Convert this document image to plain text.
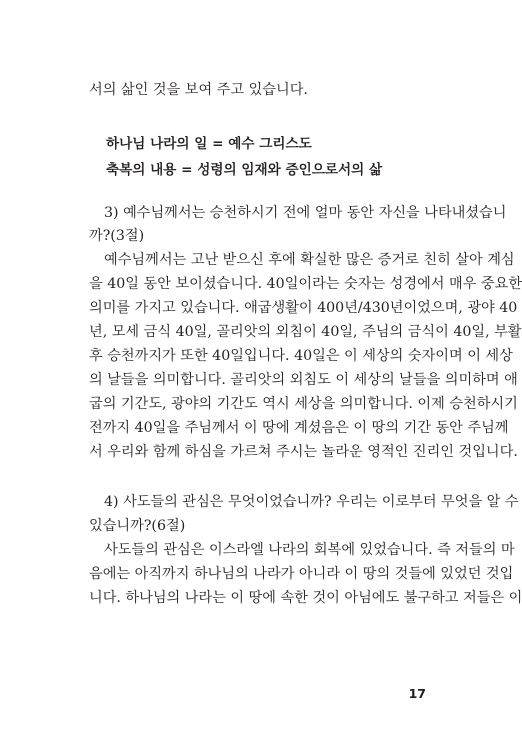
서의 삶인 것을 보여 주고 있습니다.
하나님 나라의 일 = 예수 그리스도
축복의 내용 = 성령의 임재와 증인으로서의 삶
3) 예수님께서는 승천하시기 전에 얼마 동안 자신을 나타내셨습니
까?(3절)
예수님께서는 고난 받으신 후에 확실한 많은 증거로 친히 살아 계심
을 40일 동안 보이셨습니다. 40일이라는 숫자는 성경에서 매우 중요한
의미를 가지고 있습니다. 애굽생활이 400년/430년이었으며, 광야 40
년, 모세 금식 40일, 골리앗의 외침이 40일, 주님의 금식이 40일, 부활
후 승천까지가 또한 40일입니다. 40일은 이 세상의 숫자이며 이 세상
의 날들을 의미합니다. 골리앗의 외침도 이 세상의 날들을 의미하며 애
굽의 기간도, 광야의 기간도 역시 세상을 의미합니다. 이제 승천하시기
전까지 40일을 주님께서 이 땅에 계셨음은 이 땅의 기간 동안 주님께
서 우리와 함께 하심을 가르쳐 주시는 놀라운 영적인 진리인 것입니다.
4) 사도들의 관심은 무엇이었습니까? 우리는 이로부터 무엇을 알 수
있습니까?(6절)
사도들의 관심은 이스라엘 나라의 회복에 있었습니다. 즉 저들의 마
음에는 아직까지 하나님의 나라가 아니라 이 땅의 것들에 있었던 것입
니다. 하나님의 나라는 이 땅에 속한 것이 아님에도 불구하고 저들은 이
17
